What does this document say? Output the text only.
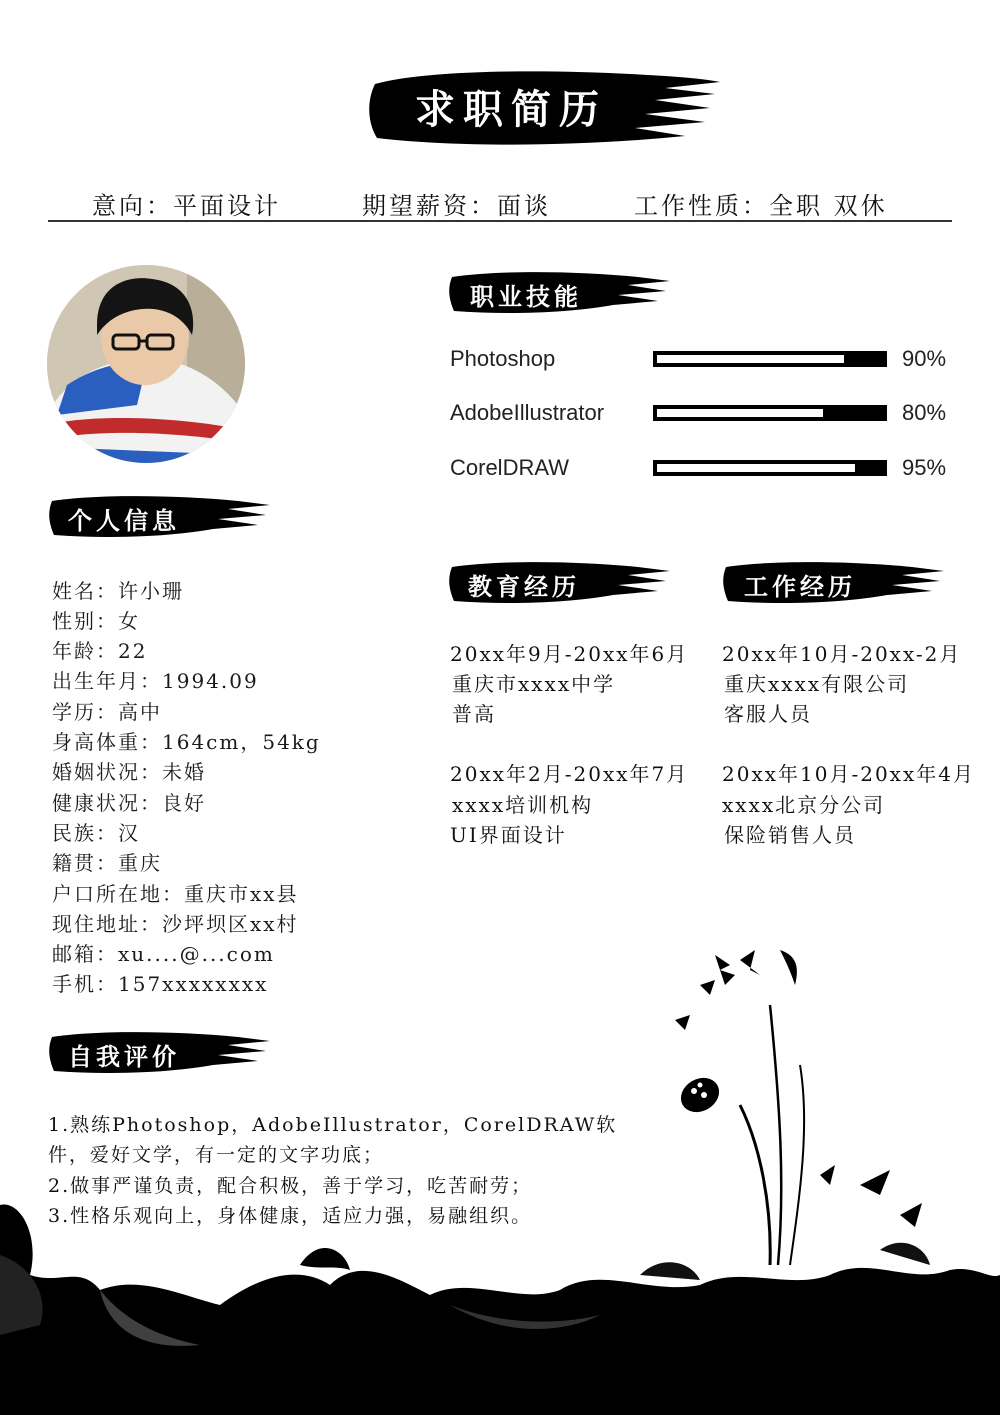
求职简历
意向：平面设计	期望薪资：面谈	工作性质：全职 双休
职业技能
Photoshop	90%
AdobeIllustrator	80%
CorelDRAW	95%
个人信息
姓名：许小珊
性别：女
年龄：22
出生年月：1994.09
学历：高中
身高体重：164cm，54kg
婚姻状况：未婚
健康状况：良好
民族：汉
籍贯：重庆
户口所在地：重庆市xx县
现住地址：沙坪坝区xx村
邮箱：xu....@...com
手机：157xxxxxxxx
教育经历
20xx年9月-20xx年6月
重庆市xxxx中学
普高
20xx年2月-20xx年7月
xxxx培训机构
UI界面设计
工作经历
20xx年10月-20xx-2月
重庆xxxx有限公司
客服人员
20xx年10月-20xx年4月
xxxx北京分公司
保险销售人员
自我评价
1.熟练Photoshop，AdobeIllustrator，CorelDRAW软
件，爱好文学，有一定的文字功底；
2.做事严谨负责，配合积极，善于学习，吃苦耐劳；
3.性格乐观向上，身体健康，适应力强，易融组织。
